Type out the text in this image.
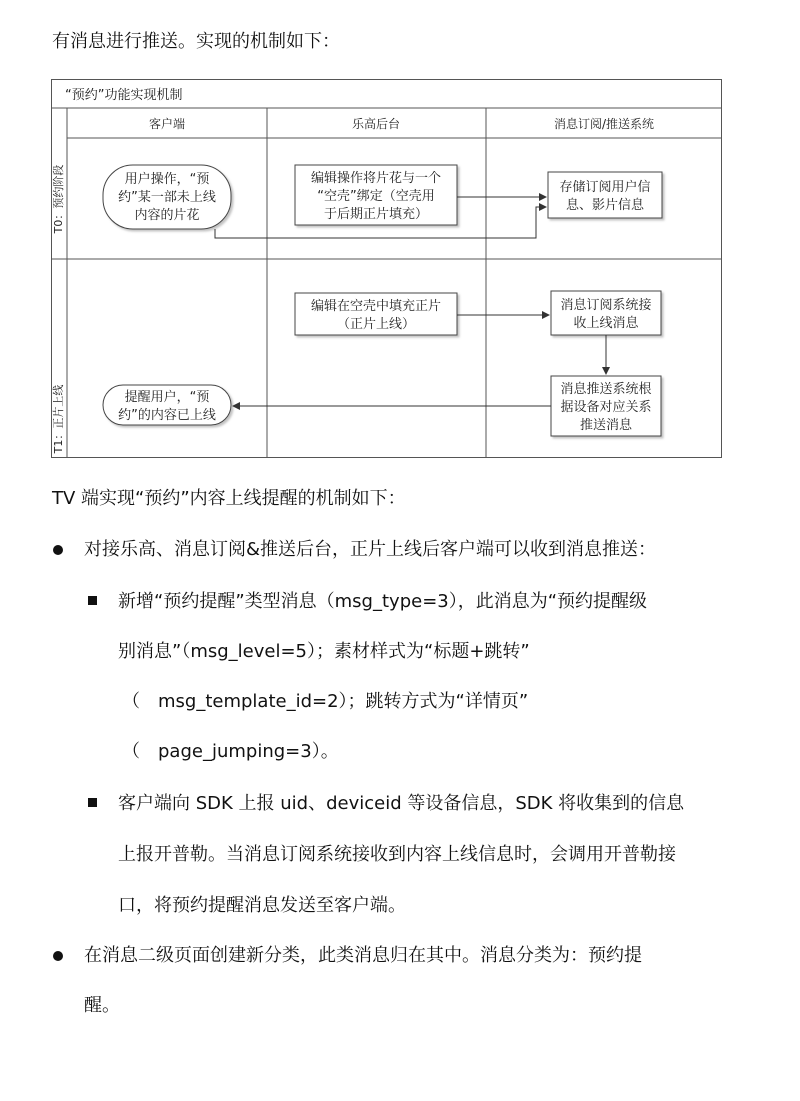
有消息进行推送。实现的机制如下：
“预约”功能实现机制
客户端	乐高后台	消息订阅/推送系统
T0：预约阶段
T1：正片上线
用户操作，“预
约”某一部未上线
内容的片花
编辑操作将片花与一个
“空壳”绑定（空壳用
于后期正片填充）
存储订阅用户信
息、影片信息
编辑在空壳中填充正片
（正片上线）
消息订阅系统接
收上线消息
消息推送系统根
据设备对应关系
推送消息
提醒用户，“预
约”的内容已上线
TV 端实现“预约”内容上线提醒的机制如下：
对接乐高、消息订阅&推送后台，正片上线后客户端可以收到消息推送：
新增“预约提醒”类型消息（msg_type=3），此消息为“预约提醒级
别消息”（msg_level=5）；素材样式为“标题+跳转”
（　msg_template_id=2）；跳转方式为“详情页”
（　page_jumping=3）。
客户端向 SDK 上报 uid、deviceid 等设备信息，SDK 将收集到的信息
上报开普勒。当消息订阅系统接收到内容上线信息时，会调用开普勒接
口，将预约提醒消息发送至客户端。
在消息二级页面创建新分类，此类消息归在其中。消息分类为：预约提
醒。
